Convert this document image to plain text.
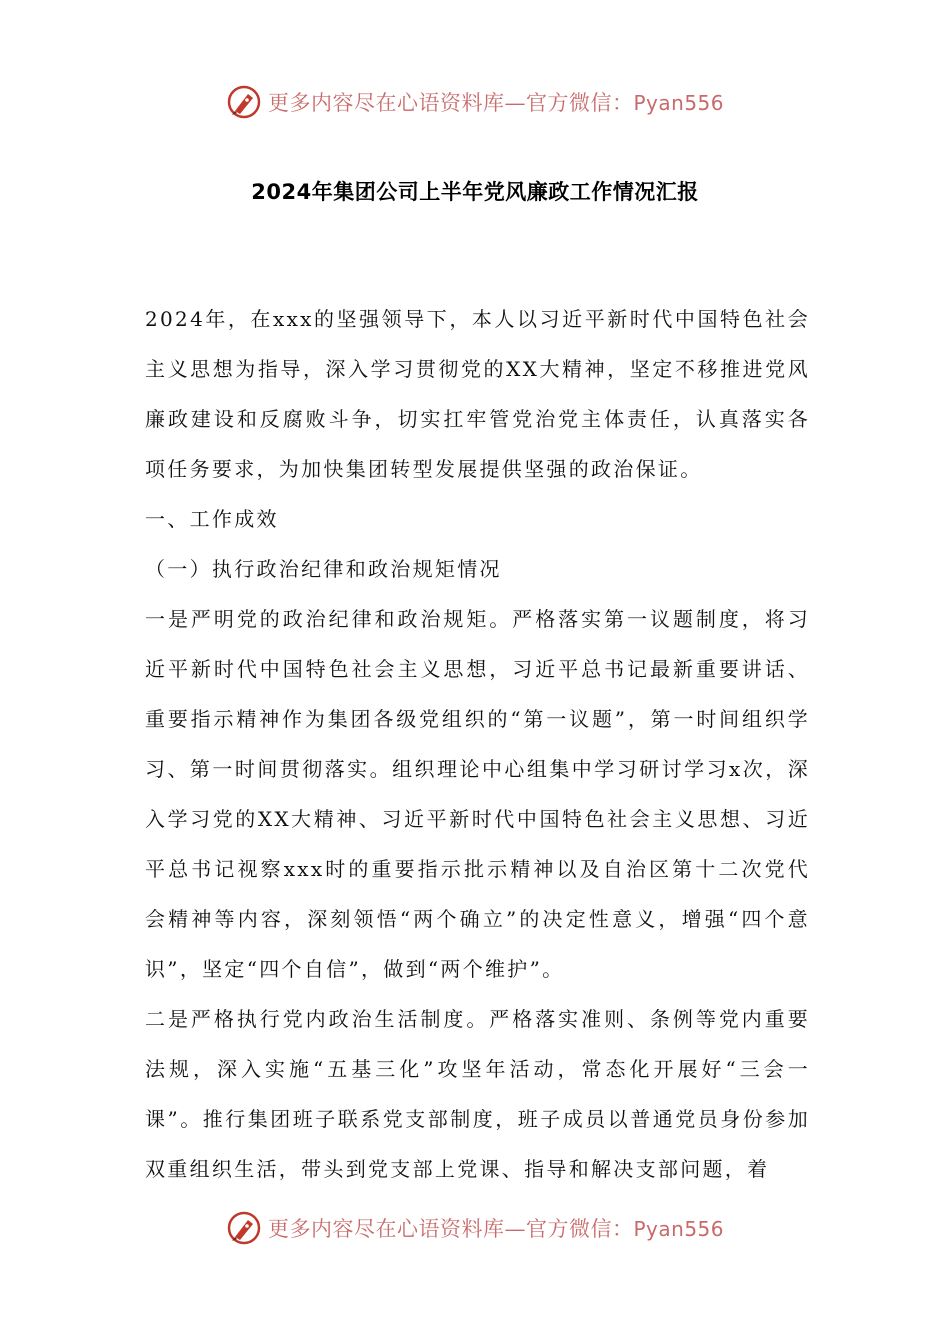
更多内容尽在心语资料库—官方微信：Pyan556
2024年集团公司上半年党风廉政工作情况汇报

2024年，在xxx的坚强领导下，本人以习近平新时代中国特色社会主义思想为指导，深入学习贯彻党的XX大精神，坚定不移推进党风廉政建设和反腐败斗争，切实扛牢管党治党主体责任，认真落实各项任务要求，为加快集团转型发展提供坚强的政治保证。

一、工作成效

（一）执行政治纪律和政治规矩情况

一是严明党的政治纪律和政治规矩。严格落实第一议题制度，将习近平新时代中国特色社会主义思想，习近平总书记最新重要讲话、重要指示精神作为集团各级党组织的“第一议题”，第一时间组织学习、第一时间贯彻落实。组织理论中心组集中学习研讨学习x次，深入学习党的XX大精神、习近平新时代中国特色社会主义思想、习近平总书记视察xxx时的重要指示批示精神以及自治区第十二次党代会精神等内容，深刻领悟“两个确立”的决定性意义，增强“四个意识”，坚定“四个自信”，做到“两个维护”。

二是严格执行党内政治生活制度。严格落实准则、条例等党内重要法规，深入实施“五基三化”攻坚年活动，常态化开展好“三会一课”。推行集团班子联系党支部制度，班子成员以普通党员身份参加双重组织生活，带头到党支部上党课、指导和解决支部问题，着

更多内容尽在心语资料库—官方微信：Pyan556
